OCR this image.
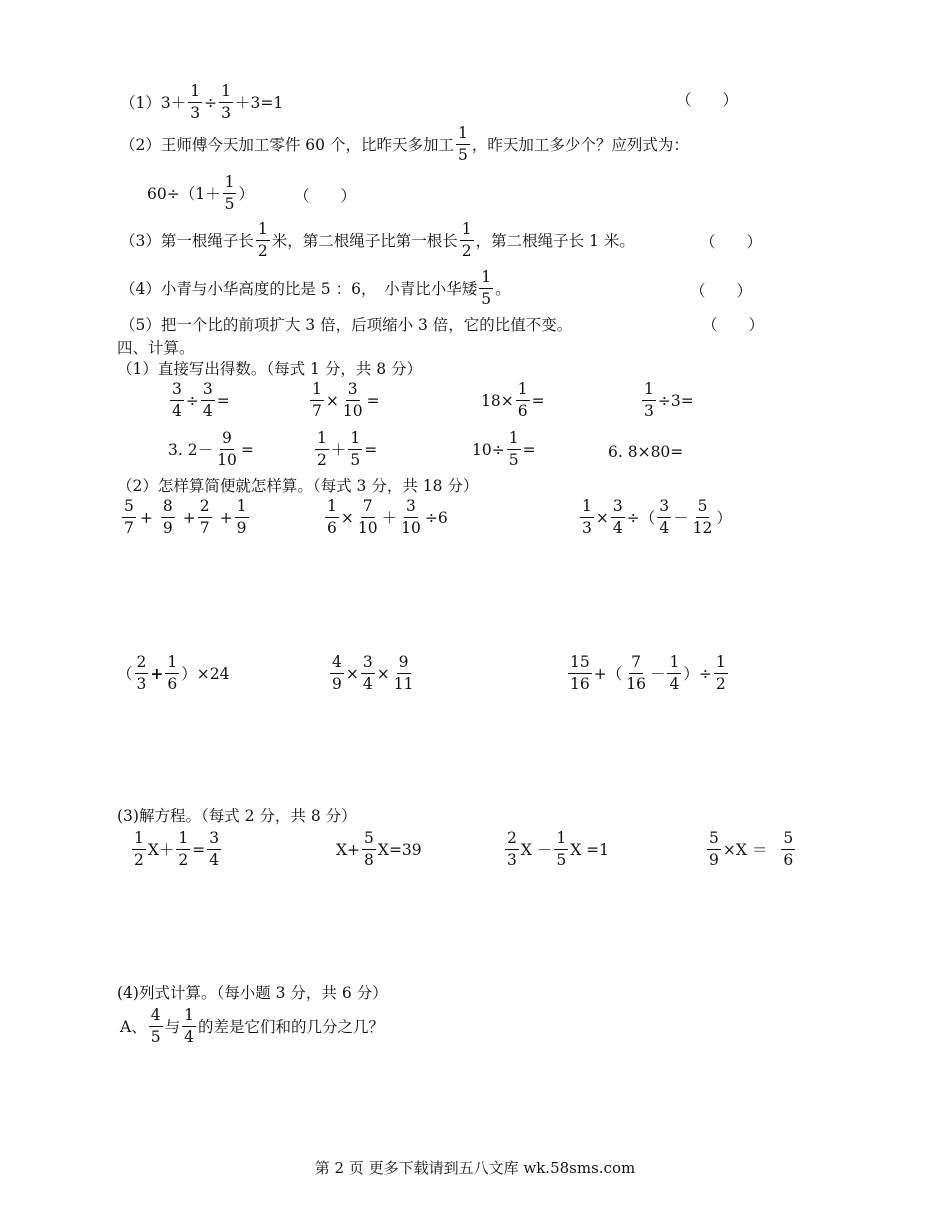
$(1)3+ \frac{1}{3} \div \frac{1}{3} +3=1$	（　　）
（2）王师傅今天加工零件 60 个，比昨天多加工 $\frac{1}{5}$ ，昨天加工多少个？应列式为：
$60\div(1+ \frac{1}{5}$ ）	（　　）
（3）第一根绳子长 $\frac{1}{2}$ 米，第二根绳子比第一根长 $\frac{1}{2}$ ，第二根绳子长 1 米。	（　　）
（4）小青与小华高度的比是 5 ：6，　小青比小华矮 $\frac{1}{5}$ 。	（　　）
（5）把一个比的前项扩大 3 倍，后项缩小 3 倍，它的比值不变。	（　　）
四、计算。
（1）直接写出得数。（每式 1 分，共 8 分）
$\frac{3}{4} \div \frac{3}{4}$ =	$\frac{1}{7} \times \frac{3}{10}$ =	$18\times \frac{1}{6}$ =	$\frac{1}{3} \div 3=$
3. $2- \frac{9}{10}$ =	$\frac{1}{2} + \frac{1}{5}$ =	$10\div \frac{1}{5}$ =	6. 8×80=
（2）怎样算简便就怎样算。（每式 3 分，共 18 分）
$\frac{5}{7} + \frac{8}{9} + \frac{2}{7} + \frac{1}{9}$	$\frac{1}{6} \times \frac{7}{10} + \frac{3}{10} \div 6$	$\frac{1}{3} \times \frac{3}{4}$ ÷（ $\frac{3}{4} - \frac{5}{12}$ ）
（ $\frac{2}{3} + \frac{1}{6} )\times 24$	$\frac{4}{9} \times \frac{3}{4} \times \frac{9}{11}$	$\frac{15}{16}$ +（ $\frac{7}{16} - \frac{1}{4}$ ）÷ $\frac{1}{2}$
(3)解方程。（每式 2 分，共 8 分）
$\frac{1}{2} X+ \frac{1}{2} = \frac{3}{4}$	$X+ \frac{5}{8} X=39$	$\frac{2}{3}$ $X - \frac{1}{5}$ X =1	$\frac{5}{9} \times X = \frac{5}{6}$
(4)列式计算。（每小题 3 分，共 6 分）
A、 $\frac{4}{5}$ 与 $\frac{1}{4}$ 的差是它们和的几分之几？
第 2 页 更多下载请到五八文库 wk.58sms.com
